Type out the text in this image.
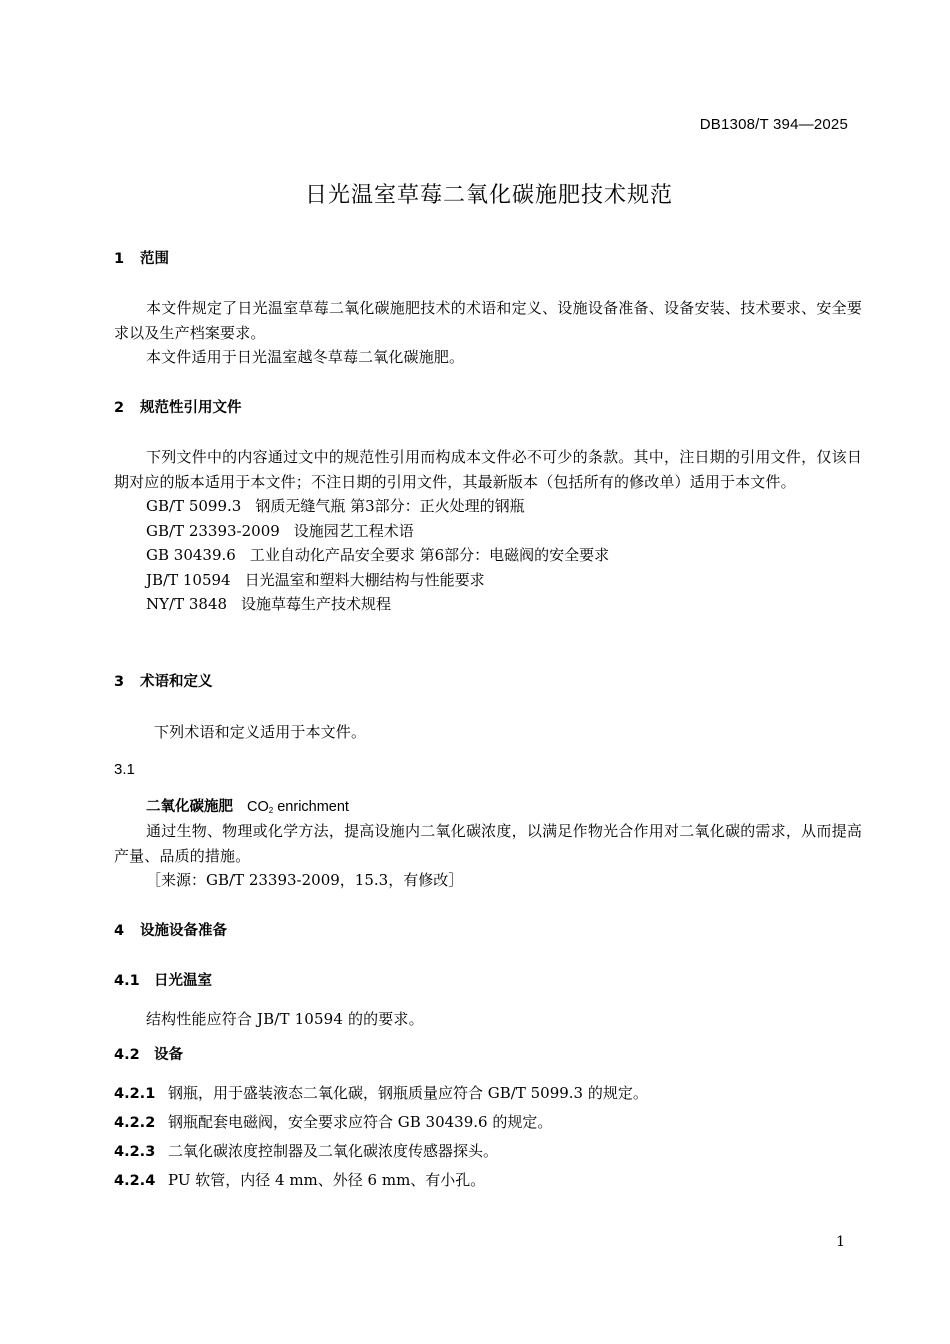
DB1308/T 394—2025
日光温室草莓二氧化碳施肥技术规范
1 范围
本文件规定了日光温室草莓二氧化碳施肥技术的术语和定义、设施设备准备、设备安装、技术要求、安全要求以及生产档案要求。
本文件适用于日光温室越冬草莓二氧化碳施肥。
2 规范性引用文件
下列文件中的内容通过文中的规范性引用而构成本文件必不可少的条款。其中，注日期的引用文件，仅该日期对应的版本适用于本文件；不注日期的引用文件，其最新版本（包括所有的修改单）适用于本文件。
GB/T 5099.3 钢质无缝气瓶 第3部分：正火处理的钢瓶
GB/T 23393-2009 设施园艺工程术语
GB 30439.6 工业自动化产品安全要求 第6部分：电磁阀的安全要求
JB/T 10594 日光温室和塑料大棚结构与性能要求
NY/T 3848 设施草莓生产技术规程
3 术语和定义
下列术语和定义适用于本文件。
3.1
二氧化碳施肥 $CO_2$ enrichment
通过生物、物理或化学方法，提高设施内二氧化碳浓度，以满足作物光合作用对二氧化碳的需求，从而提高产量、品质的措施。
［来源：GB/T 23393-2009，15.3，有修改］
4 设施设备准备
4.1 日光温室
结构性能应符合 JB/T 10594 的的要求。
4.2 设备
4.2.1 钢瓶，用于盛装液态二氧化碳，钢瓶质量应符合 GB/T 5099.3 的规定。
4.2.2 钢瓶配套电磁阀，安全要求应符合 GB 30439.6 的规定。
4.2.3 二氧化碳浓度控制器及二氧化碳浓度传感器探头。
4.2.4 PU 软管，内径 4 mm、外径 6 mm、有小孔。
1
